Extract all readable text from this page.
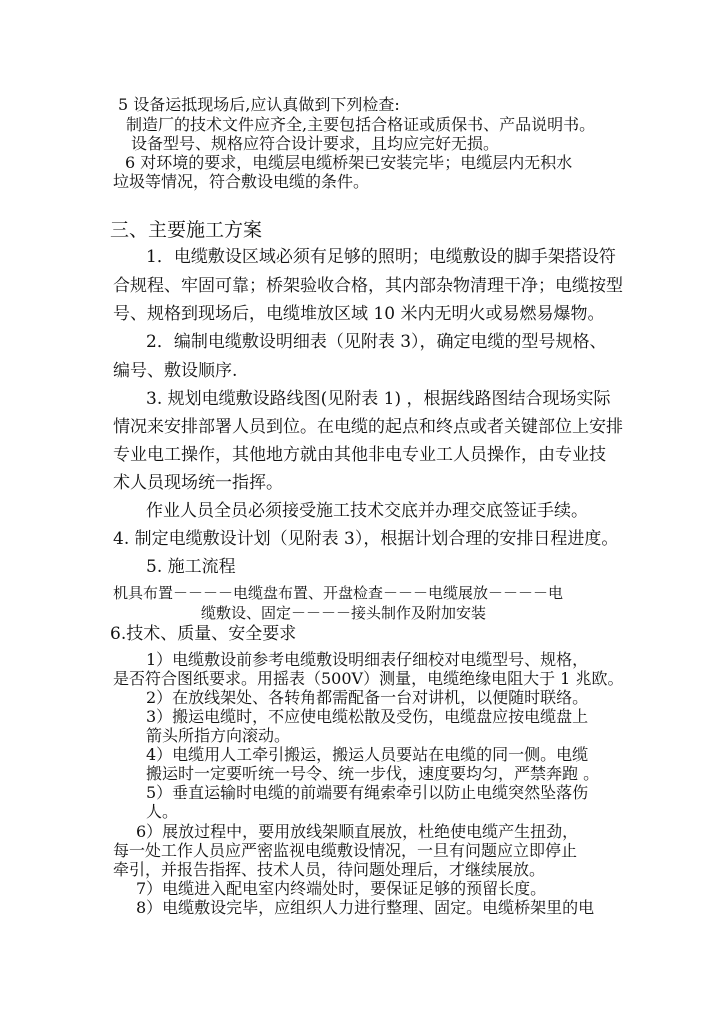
5 设备运抵现场后,应认真做到下列检查:
制造厂的技术文件应齐全,主要包括合格证或质保书、产品说明书。
设备型号、规格应符合设计要求，且均应完好无损。
6 对环境的要求，电缆层电缆桥架已安装完毕；电缆层内无积水
垃圾等情况，符合敷设电缆的条件。
三、主要施工方案
1．电缆敷设区域必须有足够的照明；电缆敷设的脚手架搭设符
合规程、牢固可靠；桥架验收合格，其内部杂物清理干净；电缆按型
号、规格到现场后，电缆堆放区域 10 米内无明火或易燃易爆物。
2．编制电缆敷设明细表（见附表 3），确定电缆的型号规格、
编号、敷设顺序.
3. 规划电缆敷设路线图(见附表 1) ，根据线路图结合现场实际
情况来安排部署人员到位。在电缆的起点和终点或者关键部位上安排
专业电工操作，其他地方就由其他非电专业工人员操作，由专业技
术人员现场统一指挥。
作业人员全员必须接受施工技术交底并办理交底签证手续。
4. 制定电缆敷设计划（见附表 3），根据计划合理的安排日程进度。
5. 施工流程
机具布置－－－－电缆盘布置、开盘检查－－－电缆展放－－－－电
缆敷设、固定－－－－接头制作及附加安装
6.技术、质量、安全要求
1）电缆敷设前参考电缆敷设明细表仔细校对电缆型号、规格，
是否符合图纸要求。用摇表（500V）测量，电缆绝缘电阻大于 1 兆欧。
2）在放线架处、各转角都需配备一台对讲机，以便随时联络。
3）搬运电缆时，不应使电缆松散及受伤，电缆盘应按电缆盘上
箭头所指方向滚动。
4）电缆用人工牵引搬运，搬运人员要站在电缆的同一侧。电缆
搬运时一定要听统一号令、统一步伐，速度要均匀，严禁奔跑 。
5）垂直运输时电缆的前端要有绳索牵引以防止电缆突然坠落伤
人。
6）展放过程中，要用放线架顺直展放，杜绝使电缆产生扭劲，
每一处工作人员应严密监视电缆敷设情况，一旦有问题应立即停止
牵引，并报告指挥、技术人员，待问题处理后，才继续展放。
7）电缆进入配电室内终端处时，要保证足够的预留长度。
8）电缆敷设完毕，应组织人力进行整理、固定。电缆桥架里的电
